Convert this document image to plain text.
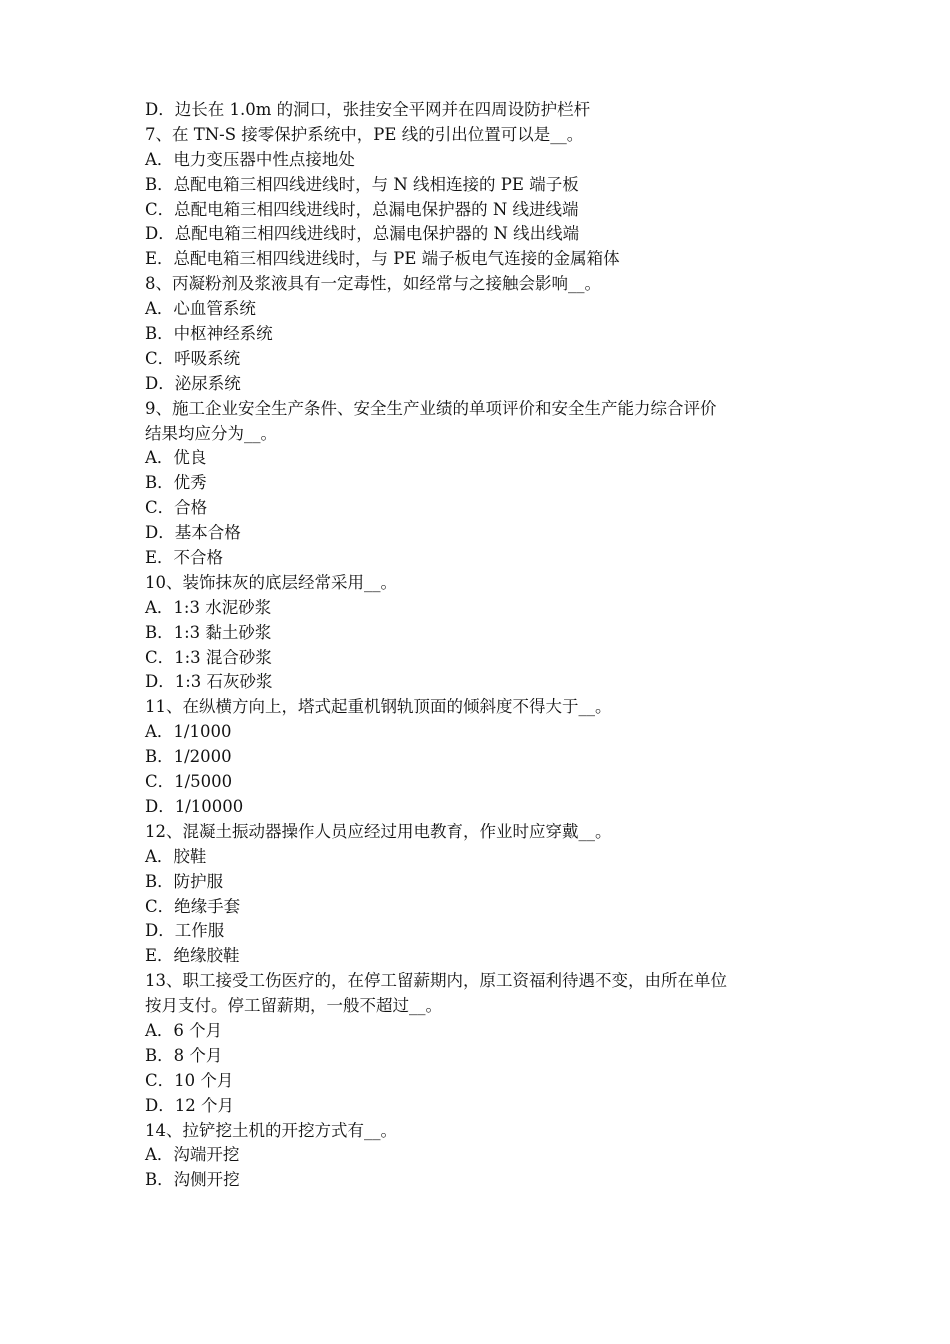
D．边长在 1.0m 的洞口，张挂安全平网并在四周设防护栏杆
7、在 TN-S 接零保护系统中，PE 线的引出位置可以是__。
A．电力变压器中性点接地处
B．总配电箱三相四线进线时，与 N 线相连接的 PE 端子板
C．总配电箱三相四线进线时，总漏电保护器的 N 线进线端
D．总配电箱三相四线进线时，总漏电保护器的 N 线出线端
E．总配电箱三相四线进线时，与 PE 端子板电气连接的金属箱体
8、丙凝粉剂及浆液具有一定毒性，如经常与之接触会影响__。
A．心血管系统
B．中枢神经系统
C．呼吸系统
D．泌尿系统
9、施工企业安全生产条件、安全生产业绩的单项评价和安全生产能力综合评价
结果均应分为__。
A．优良
B．优秀
C．合格
D．基本合格
E．不合格
10、装饰抹灰的底层经常采用__。
A．1:3 水泥砂浆
B．1:3 黏土砂浆
C．1:3 混合砂浆
D．1:3 石灰砂浆
11、在纵横方向上，塔式起重机钢轨顶面的倾斜度不得大于__。
A．1/1000
B．1/2000
C．1/5000
D．1/10000
12、混凝土振动器操作人员应经过用电教育，作业时应穿戴__。
A．胶鞋
B．防护服
C．绝缘手套
D．工作服
E．绝缘胶鞋
13、职工接受工伤医疗的，在停工留薪期内，原工资福利待遇不变，由所在单位
按月支付。停工留薪期，一般不超过__。
A．6 个月
B．8 个月
C．10 个月
D．12 个月
14、拉铲挖土机的开挖方式有__。
A．沟端开挖
B．沟侧开挖
